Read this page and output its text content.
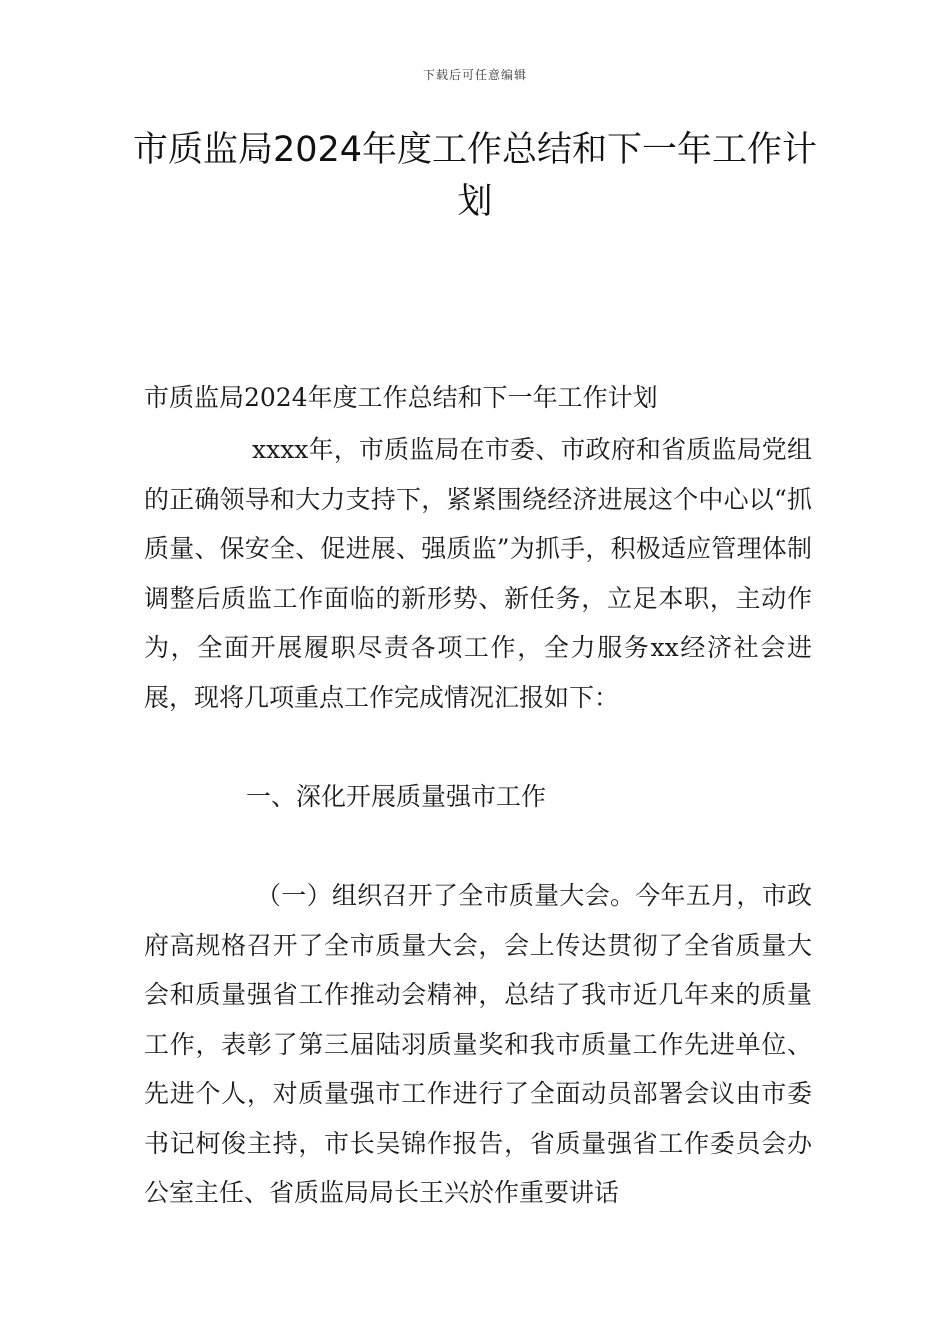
下载后可任意编辑
市质监局2024年度工作总结和下一年工作计划

市质监局2024年度工作总结和下一年工作计划

xxxx年，市质监局在市委、市政府和省质监局党组的正确领导和大力支持下，紧紧围绕经济进展这个中心以“抓质量、保安全、促进展、强质监”为抓手，积极适应管理体制调整后质监工作面临的新形势、新任务，立足本职，主动作为，全面开展履职尽责各项工作，全力服务xx经济社会进展，现将几项重点工作完成情况汇报如下：

一、深化开展质量强市工作

（一）组织召开了全市质量大会。今年五月，市政府高规格召开了全市质量大会，会上传达贯彻了全省质量大会和质量强省工作推动会精神，总结了我市近几年来的质量工作，表彰了第三届陆羽质量奖和我市质量工作先进单位、先进个人，对质量强市工作进行了全面动员部署会议由市委书记柯俊主持，市长吴锦作报告，省质量强省工作委员会办公室主任、省质监局局长王兴於作重要讲话
